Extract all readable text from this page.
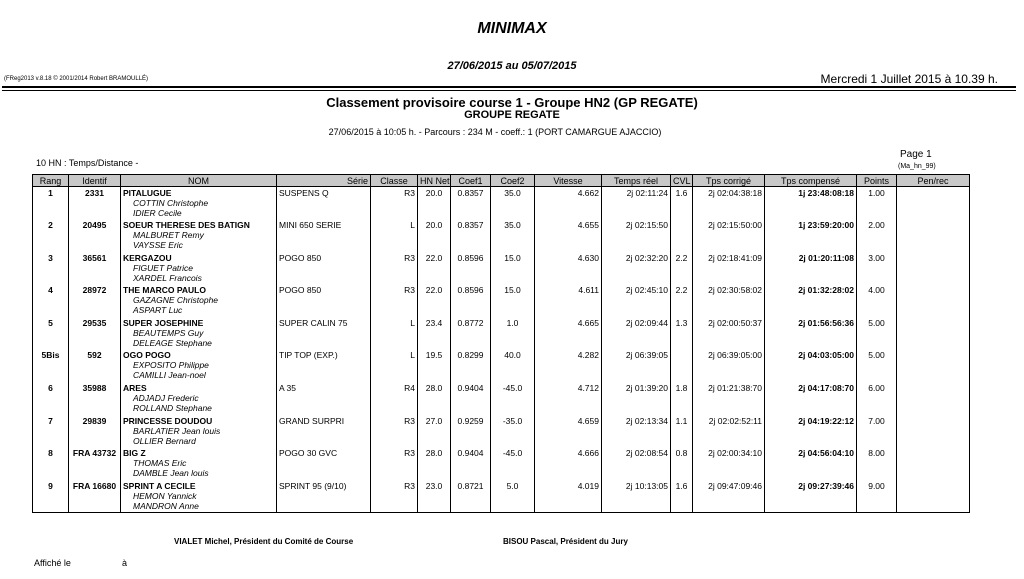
MINIMAX
27/06/2015 au 05/07/2015
(FReg2013 v.8.18 © 2001/2014 Robert BRAMOULLÉ)	Mercredi 1 Juillet 2015 à 10.39 h.
Classement provisoire course 1 - Groupe HN2 (GP REGATE)
GROUPE REGATE
27/06/2015 à 10:05 h. - Parcours : 234 M - coeff.: 1 (PORT CAMARGUE AJACCIO)
10 HN : Temps/Distance -
Page 1
(Ma_hn_99)
Rang	Identif	NOM	Série	Classe	HN Net	Coef1	Coef2	Vitesse	Temps réel	CVL	Tps corrigé	Tps compensé	Points	Pen/rec
1	2331	PITALUGUE
COTTIN Christophe
IDIER Cecile	SUSPENS Q	R3	20.0	0.8357	35.0	4.662	2j 02:11:24	1.6	2j 02:04:38:18	1j 23:48:08:18	1.00	
2	20495	SOEUR THERESE DES BATIGN
MALBURET Remy
VAYSSE Eric	MINI 650 SERIE	L	20.0	0.8357	35.0	4.655	2j 02:15:50		2j 02:15:50:00	1j 23:59:20:00	2.00	
3	36561	KERGAZOU
FIGUET Patrice
XARDEL Francois	POGO 850	R3	22.0	0.8596	15.0	4.630	2j 02:32:20	2.2	2j 02:18:41:09	2j 01:20:11:08	3.00	
4	28972	THE MARCO PAULO
GAZAGNE Christophe
ASPART Luc	POGO 850	R3	22.0	0.8596	15.0	4.611	2j 02:45:10	2.2	2j 02:30:58:02	2j 01:32:28:02	4.00	
5	29535	SUPER JOSEPHINE
BEAUTEMPS Guy
DELEAGE Stephane	SUPER CALIN 75	L	23.4	0.8772	1.0	4.665	2j 02:09:44	1.3	2j 02:00:50:37	2j 01:56:56:36	5.00	
5Bis	592	OGO POGO
EXPOSITO Philippe
CAMILLI Jean-noel	TIP TOP (EXP.)	L	19.5	0.8299	40.0	4.282	2j 06:39:05		2j 06:39:05:00	2j 04:03:05:00	5.00	
6	35988	ARES
ADJADJ Frederic
ROLLAND Stephane	A 35	R4	28.0	0.9404	-45.0	4.712	2j 01:39:20	1.8	2j 01:21:38:70	2j 04:17:08:70	6.00	
7	29839	PRINCESSE DOUDOU
BARLATIER Jean louis
OLLIER Bernard	GRAND SURPRI	R3	27.0	0.9259	-35.0	4.659	2j 02:13:34	1.1	2j 02:02:52:11	2j 04:19:22:12	7.00	
8	FRA 43732	BIG Z
THOMAS Eric
DAMBLE Jean louis	POGO 30 GVC	R3	28.0	0.9404	-45.0	4.666	2j 02:08:54	0.8	2j 02:00:34:10	2j 04:56:04:10	8.00	
9	FRA 16680	SPRINT A CECILE
HEMON Yannick
MANDRON Anne	SPRINT 95 (9/10)	R3	23.0	0.8721	5.0	4.019	2j 10:13:05	1.6	2j 09:47:09:46	2j 09:27:39:46	9.00	
VIALET Michel, Président du Comité de Course	BISOU Pascal, Président du Jury
Affiché le	à
